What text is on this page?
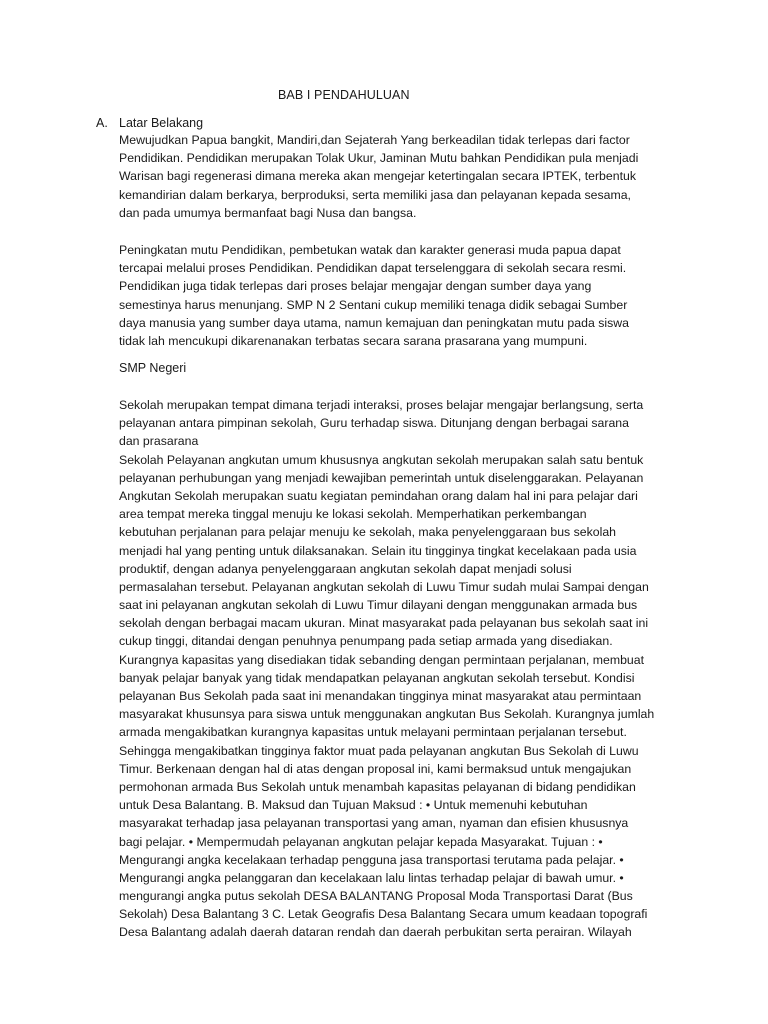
BAB I PENDAHULUAN
A. Latar Belakang
Mewujudkan Papua bangkit, Mandiri,dan Sejaterah Yang berkeadilan tidak terlepas dari factor
Pendidikan. Pendidikan merupakan Tolak Ukur, Jaminan Mutu bahkan Pendidikan pula menjadi
Warisan bagi regenerasi dimana mereka akan mengejar ketertingalan secara IPTEK, terbentuk
kemandirian dalam berkarya, berproduksi, serta memiliki jasa dan pelayanan kepada sesama,
dan pada umumya bermanfaat bagi Nusa dan bangsa.
Peningkatan mutu Pendidikan, pembetukan watak dan karakter generasi muda papua dapat
tercapai melalui proses Pendidikan. Pendidikan dapat terselenggara di sekolah secara resmi.
Pendidikan juga tidak terlepas dari proses belajar mengajar dengan sumber daya yang
semestinya harus menunjang. SMP N 2 Sentani cukup memiliki tenaga didik sebagai Sumber
daya manusia yang sumber daya utama, namun kemajuan dan peningkatan mutu pada siswa
tidak lah mencukupi dikarenanakan terbatas secara sarana prasarana yang mumpuni.
SMP Negeri
Sekolah merupakan tempat dimana terjadi interaksi, proses belajar mengajar berlangsung, serta
pelayanan antara pimpinan sekolah, Guru terhadap siswa. Ditunjang dengan berbagai sarana
dan prasarana
Sekolah Pelayanan angkutan umum khususnya angkutan sekolah merupakan salah satu bentuk
pelayanan perhubungan yang menjadi kewajiban pemerintah untuk diselenggarakan. Pelayanan
Angkutan Sekolah merupakan suatu kegiatan pemindahan orang dalam hal ini para pelajar dari
area tempat mereka tinggal menuju ke lokasi sekolah. Memperhatikan perkembangan
kebutuhan perjalanan para pelajar menuju ke sekolah, maka penyelenggaraan bus sekolah
menjadi hal yang penting untuk dilaksanakan. Selain itu tingginya tingkat kecelakaan pada usia
produktif, dengan adanya penyelenggaraan angkutan sekolah dapat menjadi solusi
permasalahan tersebut. Pelayanan angkutan sekolah di Luwu Timur sudah mulai Sampai dengan
saat ini pelayanan angkutan sekolah di Luwu Timur dilayani dengan menggunakan armada bus
sekolah dengan berbagai macam ukuran. Minat masyarakat pada pelayanan bus sekolah saat ini
cukup tinggi, ditandai dengan penuhnya penumpang pada setiap armada yang disediakan.
Kurangnya kapasitas yang disediakan tidak sebanding dengan permintaan perjalanan, membuat
banyak pelajar banyak yang tidak mendapatkan pelayanan angkutan sekolah tersebut. Kondisi
pelayanan Bus Sekolah pada saat ini menandakan tingginya minat masyarakat atau permintaan
masyarakat khusunsya para siswa untuk menggunakan angkutan Bus Sekolah. Kurangnya jumlah
armada mengakibatkan kurangnya kapasitas untuk melayani permintaan perjalanan tersebut.
Sehingga mengakibatkan tingginya faktor muat pada pelayanan angkutan Bus Sekolah di Luwu
Timur. Berkenaan dengan hal di atas dengan proposal ini, kami bermaksud untuk mengajukan
permohonan armada Bus Sekolah untuk menambah kapasitas pelayanan di bidang pendidikan
untuk Desa Balantang. B. Maksud dan Tujuan Maksud : • Untuk memenuhi kebutuhan
masyarakat terhadap jasa pelayanan transportasi yang aman, nyaman dan efisien khususnya
bagi pelajar. • Mempermudah pelayanan angkutan pelajar kepada Masyarakat. Tujuan : •
Mengurangi angka kecelakaan terhadap pengguna jasa transportasi terutama pada pelajar. •
Mengurangi angka pelanggaran dan kecelakaan lalu lintas terhadap pelajar di bawah umur. •
mengurangi angka putus sekolah DESA BALANTANG Proposal Moda Transportasi Darat (Bus
Sekolah) Desa Balantang 3 C. Letak Geografis Desa Balantang Secara umum keadaan topografi
Desa Balantang adalah daerah dataran rendah dan daerah perbukitan serta perairan. Wilayah
